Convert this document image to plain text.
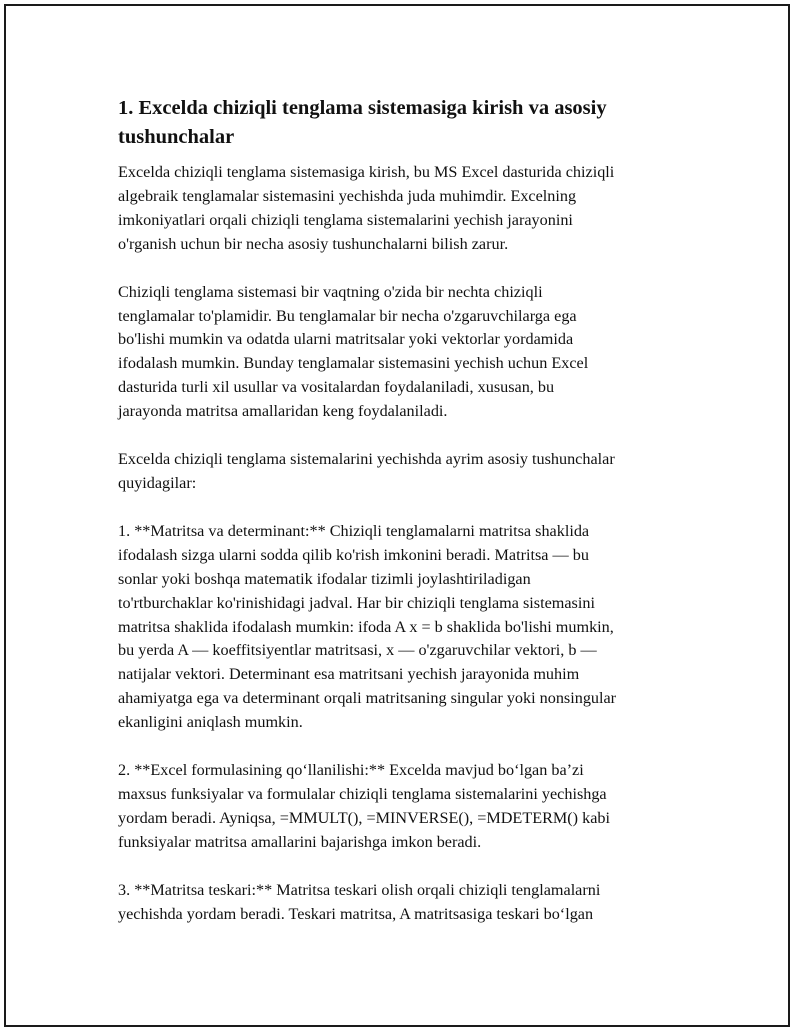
1. Excelda chiziqli tenglama sistemasiga kirish va asosiy
tushunchalar

Excelda chiziqli tenglama sistemasiga kirish, bu MS Excel dasturida chiziqli
algebraik tenglamalar sistemasini yechishda juda muhimdir. Excelning
imkoniyatlari orqali chiziqli tenglama sistemalarini yechish jarayonini
o'rganish uchun bir necha asosiy tushunchalarni bilish zarur.

Chiziqli tenglama sistemasi bir vaqtning o'zida bir nechta chiziqli
tenglamalar to'plamidir. Bu tenglamalar bir necha o'zgaruvchilarga ega
bo'lishi mumkin va odatda ularni matritsalar yoki vektorlar yordamida
ifodalash mumkin. Bunday tenglamalar sistemasini yechish uchun Excel
dasturida turli xil usullar va vositalardan foydalaniladi, xususan, bu
jarayonda matritsa amallaridan keng foydalaniladi.

Excelda chiziqli tenglama sistemalarini yechishda ayrim asosiy tushunchalar
quyidagilar:

1. **Matritsa va determinant:** Chiziqli tenglamalarni matritsa shaklida
ifodalash sizga ularni sodda qilib ko'rish imkonini beradi. Matritsa — bu
sonlar yoki boshqa matematik ifodalar tizimli joylashtiriladigan
to'rtburchaklar ko'rinishidagi jadval. Har bir chiziqli tenglama sistemasini
matritsa shaklida ifodalash mumkin: ifoda A x = b shaklida bo'lishi mumkin,
bu yerda A — koeffitsiyentlar matritsasi, x — o'zgaruvchilar vektori, b —
natijalar vektori. Determinant esa matritsani yechish jarayonida muhim
ahamiyatga ega va determinant orqali matritsaning singular yoki nonsingular
ekanligini aniqlash mumkin.

2. **Excel formulasining qoʻllanilishi:** Excelda mavjud boʻlgan baʼzi
maxsus funksiyalar va formulalar chiziqli tenglama sistemalarini yechishga
yordam beradi. Ayniqsa, =MMULT(), =MINVERSE(), =MDETERM() kabi
funksiyalar matritsa amallarini bajarishga imkon beradi.

3. **Matritsa teskari:** Matritsa teskari olish orqali chiziqli tenglamalarni
yechishda yordam beradi. Teskari matritsa, A matritsasiga teskari boʻlgan
